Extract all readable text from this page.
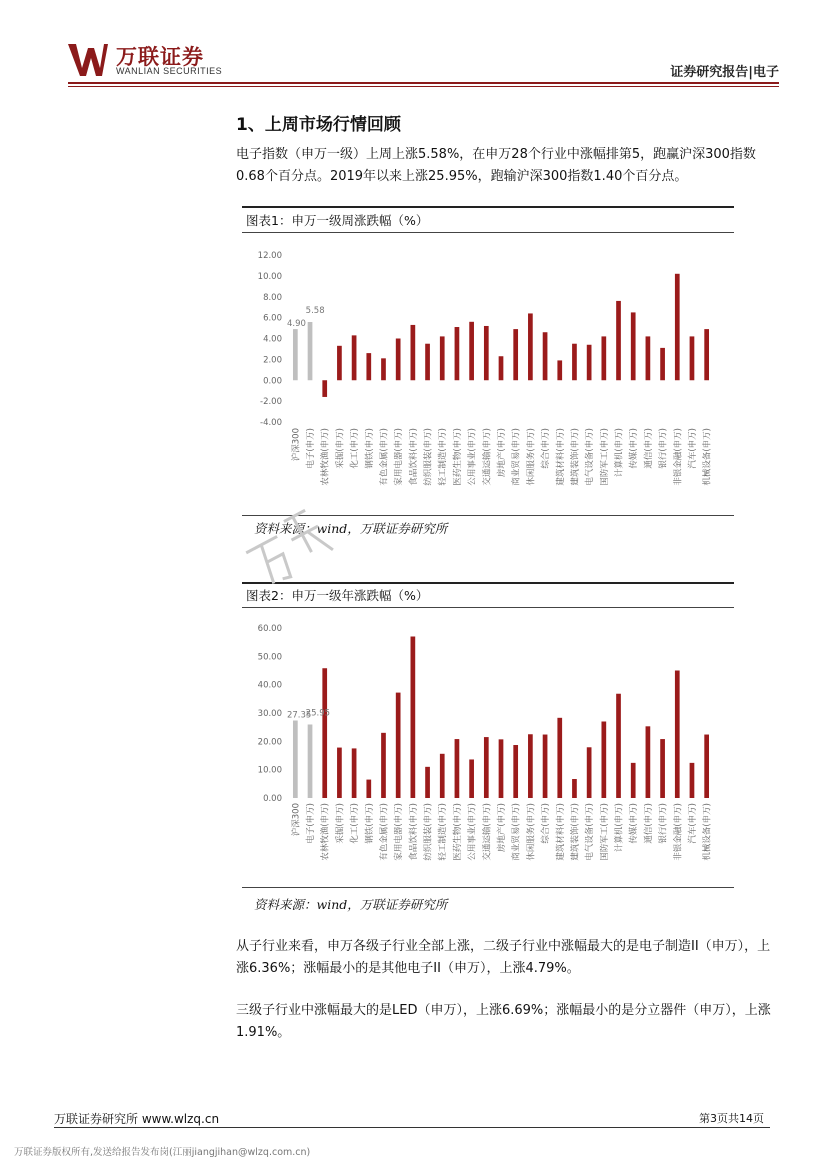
万联证券
WANLIAN SECURITIES	证券研究报告|电子
1、上周市场行情回顾

电子指数（申万一级）上周上涨5.58%，在申万28个行业中涨幅排第5，跑赢沪深300指数0.68个百分点。2019年以来上涨25.95%，跑输沪深300指数1.40个百分点。

图表1：申万一级周涨跌幅（%）
12.00
10.00
8.00
6.00
4.00
2.00
0.00
-2.00
-4.00
沪深300 电子(申万) 农林牧渔(申万) 采掘(申万) 化工(申万) 钢铁(申万) 有色金属(申万) 家用电器(申万) 食品饮料(申万) 纺织服装(申万) 轻工制造(申万) 医药生物(申万) 公用事业(申万) 交通运输(申万) 房地产(申万) 商业贸易(申万) 休闲服务(申万) 综合(申万) 建筑材料(申万) 建筑装饰(申万) 电气设备(申万) 国防军工(申万) 计算机(申万) 传媒(申万) 通信(申万) 银行(申万) 非银金融(申万) 汽车(申万) 机械设备(申万)
4.90
5.58
资料来源：wind，万联证券研究所
图表2：申万一级年涨跌幅（%）
60.00
50.00
40.00
30.00
20.00
10.00
0.00
沪深300 电子(申万) 农林牧渔(申万) 采掘(申万) 化工(申万) 钢铁(申万) 有色金属(申万) 家用电器(申万) 食品饮料(申万) 纺织服装(申万) 轻工制造(申万) 医药生物(申万) 公用事业(申万) 交通运输(申万) 房地产(申万) 商业贸易(申万) 休闲服务(申万) 综合(申万) 建筑材料(申万) 建筑装饰(申万) 电气设备(申万) 国防军工(申万) 计算机(申万) 传媒(申万) 通信(申万) 银行(申万) 非银金融(申万) 汽车(申万) 机械设备(申万)
27.35
25.95
资料来源：wind，万联证券研究所

从子行业来看，申万各级子行业全部上涨，二级子行业中涨幅最大的是电子制造II（申万），上涨6.36%；涨幅最小的是其他电子II（申万），上涨4.79%。

三级子行业中涨幅最大的是LED（申万），上涨6.69%；涨幅最小的是分立器件（申万），上涨1.91%。

万联证券研究所 www.wlzq.cn	第3页共14页
万联证券版权所有,发送给报告发布岗(江丽jiangjihan@wlzq.com.cn)
